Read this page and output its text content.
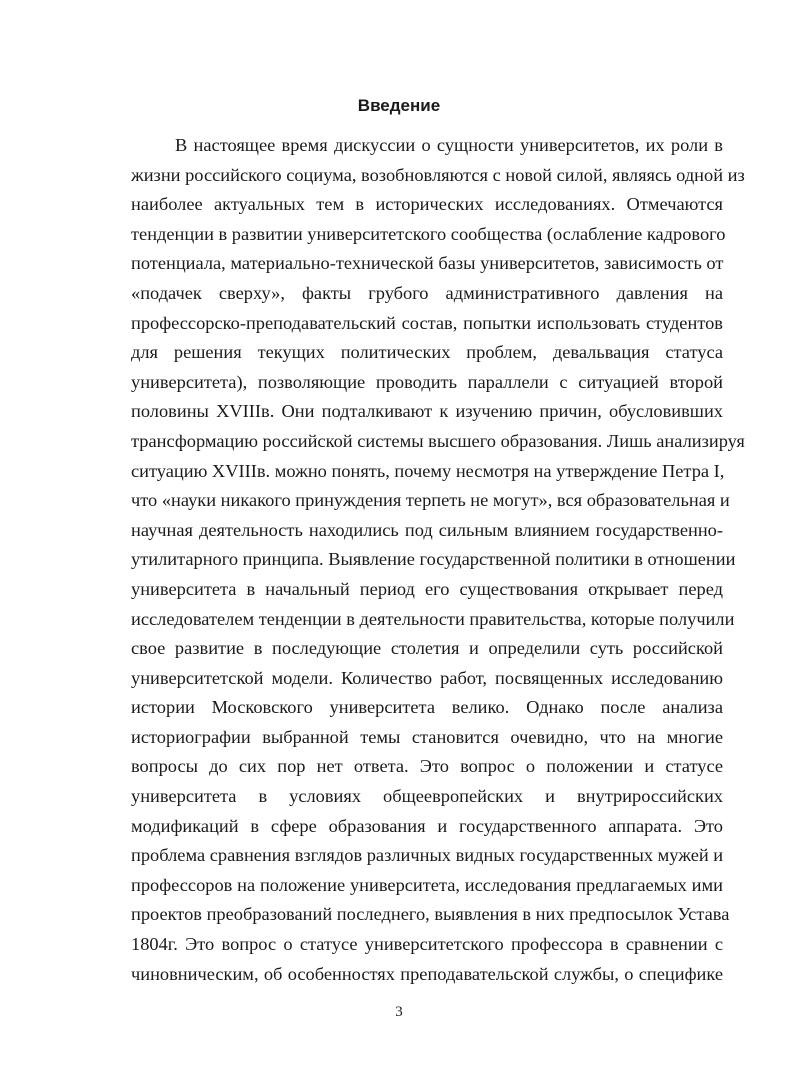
Введение
В настоящее время дискуссии о сущности университетов, их роли в
жизни российского социума, возобновляются с новой силой, являясь одной из
наиболее актуальных тем в исторических исследованиях. Отмечаются
тенденции в развитии университетского сообщества (ослабление кадрового
потенциала, материально-технической базы университетов, зависимость от
«подачек сверху», факты грубого административного давления на
профессорско-преподавательский состав, попытки использовать студентов
для решения текущих политических проблем, девальвация статуса
университета), позволяющие проводить параллели с ситуацией второй
половины XVIIIв. Они подталкивают к изучению причин, обусловивших
трансформацию российской системы высшего образования. Лишь анализируя
ситуацию XVIIIв. можно понять, почему несмотря на утверждение Петра I,
что «науки никакого принуждения терпеть не могут», вся образовательная и
научная деятельность находились под сильным влиянием государственно-
утилитарного принципа. Выявление государственной политики в отношении
университета в начальный период его существования открывает перед
исследователем тенденции в деятельности правительства, которые получили
свое развитие в последующие столетия и определили суть российской
университетской модели. Количество работ, посвященных исследованию
истории Московского университета велико. Однако после анализа
историографии выбранной темы становится очевидно, что на многие
вопросы до сих пор нет ответа. Это вопрос о положении и статусе
университета в условиях общеевропейских и внутрироссийских
модификаций в сфере образования и государственного аппарата. Это
проблема сравнения взглядов различных видных государственных мужей и
профессоров на положение университета, исследования предлагаемых ими
проектов преобразований последнего, выявления в них предпосылок Устава
1804г. Это вопрос о статусе университетского профессора в сравнении с
чиновническим, об особенностях преподавательской службы, о специфике
3
